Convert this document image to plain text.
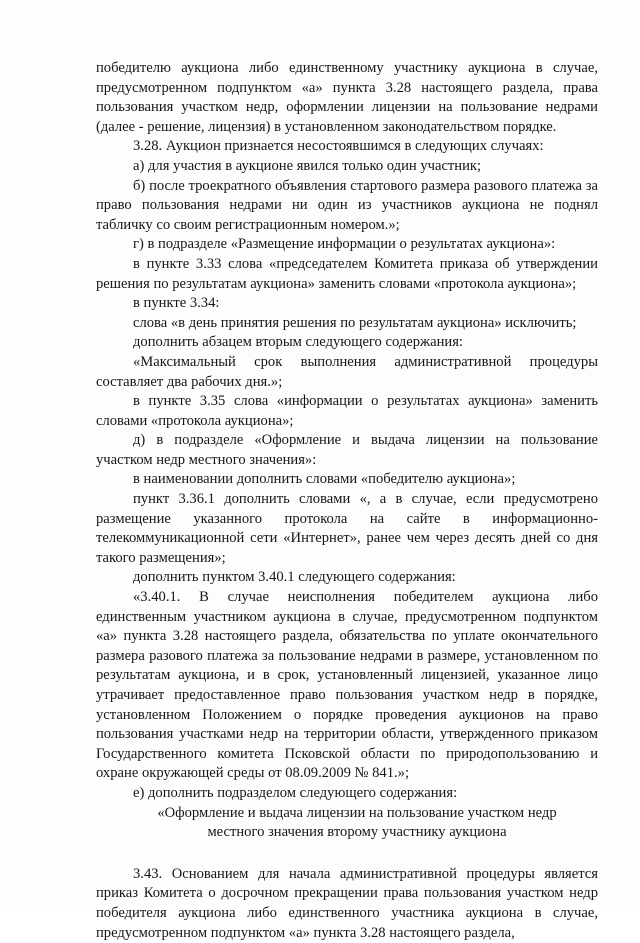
победителю аукциона либо единственному участнику аукциона в случае, предусмотренном подпунктом «а» пункта 3.28 настоящего раздела, права пользования участком недр, оформлении лицензии на пользование недрами (далее - решение, лицензия) в установленном законодательством порядке.

3.28. Аукцион признается несостоявшимся в следующих случаях:

а) для участия в аукционе явился только один участник;

б) после троекратного объявления стартового размера разового платежа за право пользования недрами ни один из участников аукциона не поднял табличку со своим регистрационным номером.»;

г) в подразделе «Размещение информации о результатах аукциона»:

в пункте 3.33 слова «председателем Комитета приказа об утверждении решения по результатам аукциона» заменить словами «протокола аукциона»;

в пункте 3.34:

слова «в день принятия решения по результатам аукциона» исключить;

дополнить абзацем вторым следующего содержания:

«Максимальный срок выполнения административной процедуры составляет два рабочих дня.»;

в пункте 3.35 слова «информации о результатах аукциона» заменить словами «протокола аукциона»;

д) в подразделе «Оформление и выдача лицензии на пользование участком недр местного значения»:

в наименовании дополнить словами «победителю аукциона»;

пункт 3.36.1 дополнить словами «, а в случае, если предусмотрено размещение указанного протокола на сайте в информационно-телекоммуникационной сети «Интернет», ранее чем через десять дней со дня такого размещения»;

дополнить пунктом 3.40.1 следующего содержания:

«3.40.1. В случае неисполнения победителем аукциона либо единственным участником аукциона в случае, предусмотренном подпунктом «а» пункта 3.28 настоящего раздела, обязательства по уплате окончательного размера разового платежа за пользование недрами в размере, установленном по результатам аукциона, и в срок, установленный лицензией, указанное лицо утрачивает предоставленное право пользования участком недр в порядке, установленном Положением о порядке проведения аукционов на право пользования участками недр на территории области, утвержденного приказом Государственного комитета Псковской области по природопользованию и охране окружающей среды от 08.09.2009 № 841.»;

е) дополнить подразделом следующего содержания:

«Оформление и выдача лицензии на пользование участком недр

местного значения второму участнику аукциона

3.43. Основанием для начала административной процедуры является приказ Комитета о досрочном прекращении права пользования участком недр победителя аукциона либо единственного участника аукциона в случае, предусмотренном подпунктом «а» пункта 3.28 настоящего раздела,
